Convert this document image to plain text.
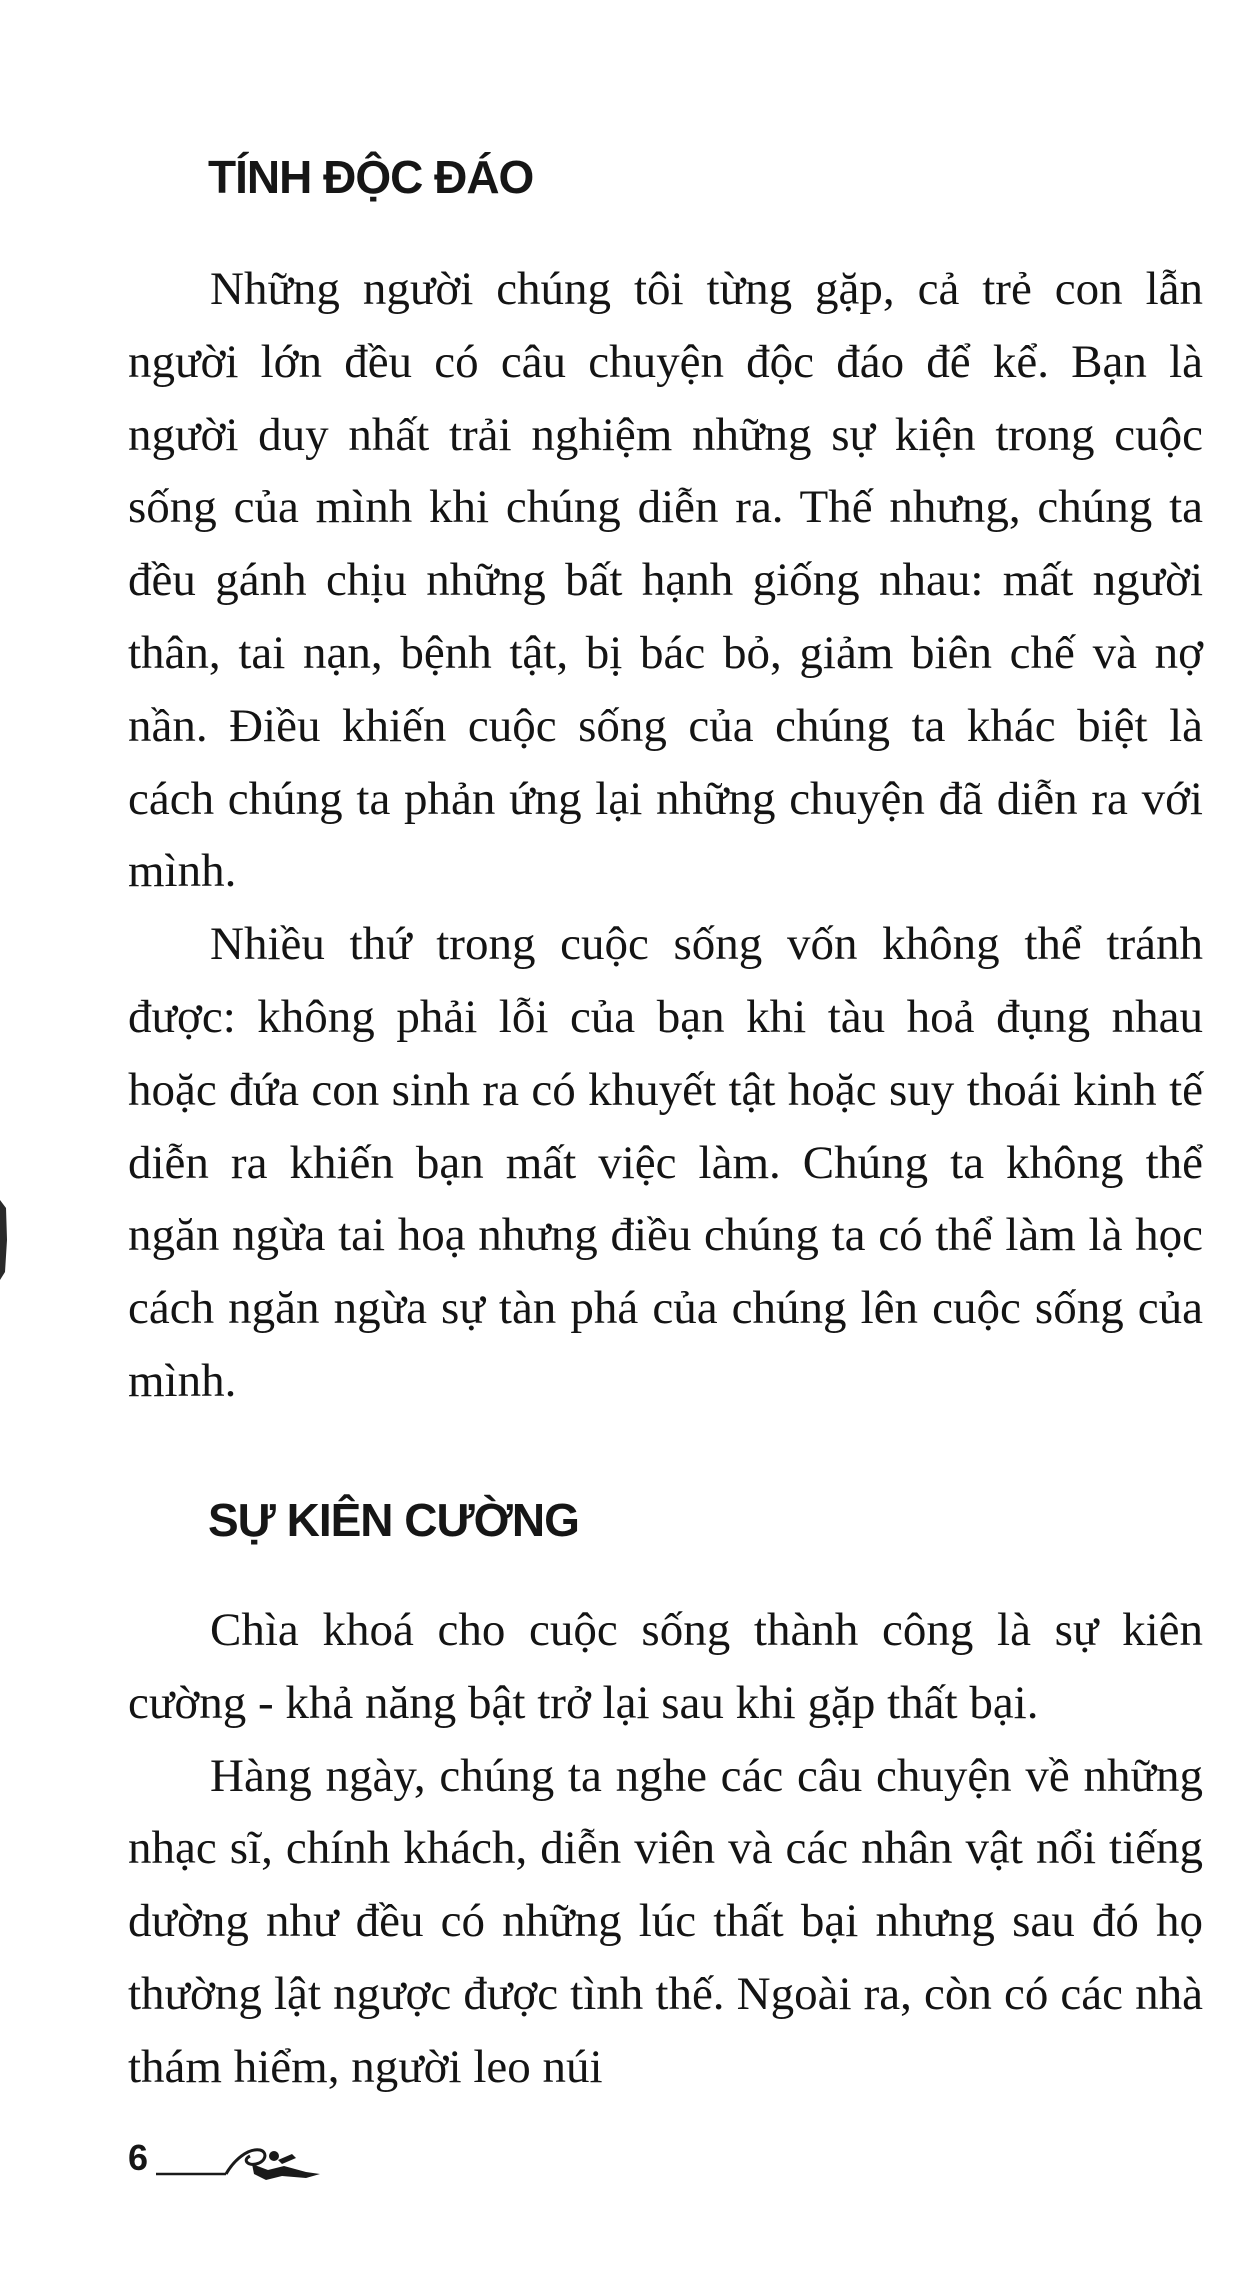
TÍNH ĐỘC ĐÁO

Những người chúng tôi từng gặp, cả trẻ con lẫn người lớn đều có câu chuyện độc đáo để kể. Bạn là người duy nhất trải nghiệm những sự kiện trong cuộc sống của mình khi chúng diễn ra. Thế nhưng, chúng ta đều gánh chịu những bất hạnh giống nhau: mất người thân, tai nạn, bệnh tật, bị bác bỏ, giảm biên chế và nợ nần. Điều khiến cuộc sống của chúng ta khác biệt là cách chúng ta phản ứng lại những chuyện đã diễn ra với mình.

Nhiều thứ trong cuộc sống vốn không thể tránh được: không phải lỗi của bạn khi tàu hoả đụng nhau hoặc đứa con sinh ra có khuyết tật hoặc suy thoái kinh tế diễn ra khiến bạn mất việc làm. Chúng ta không thể ngăn ngừa tai hoạ nhưng điều chúng ta có thể làm là học cách ngăn ngừa sự tàn phá của chúng lên cuộc sống của mình.

SỰ KIÊN CƯỜNG

Chìa khoá cho cuộc sống thành công là sự kiên cường - khả năng bật trở lại sau khi gặp thất bại.

Hàng ngày, chúng ta nghe các câu chuyện về những nhạc sĩ, chính khách, diễn viên và các nhân vật nổi tiếng dường như đều có những lúc thất bại nhưng sau đó họ thường lật ngược được tình thế. Ngoài ra, còn có các nhà thám hiểm, người leo núi

6
